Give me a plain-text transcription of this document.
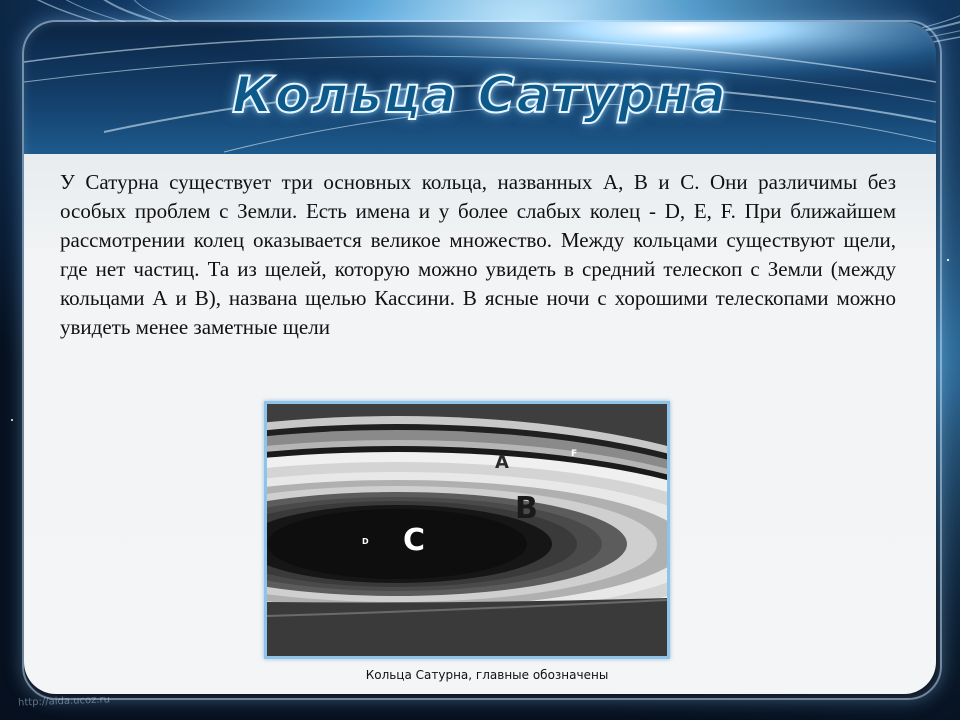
Кольца Сатурна

У Сатурна существует три основных кольца, названных А, В и С. Они различимы без особых проблем с Земли. Есть имена и у более слабых колец - D, E, F. При ближайшем рассмотрении колец оказывается великое множество. Между кольцами существуют щели, где нет частиц. Та из щелей, которую можно увидеть в средний телескоп с Земли (между кольцами А и В), названа щелью Кассини. В ясные ночи с хорошими телескопами можно увидеть менее заметные щели

A	F
B
C
D
Кольца Сатурна, главные обозначены
http://aida.ucoz.ru
